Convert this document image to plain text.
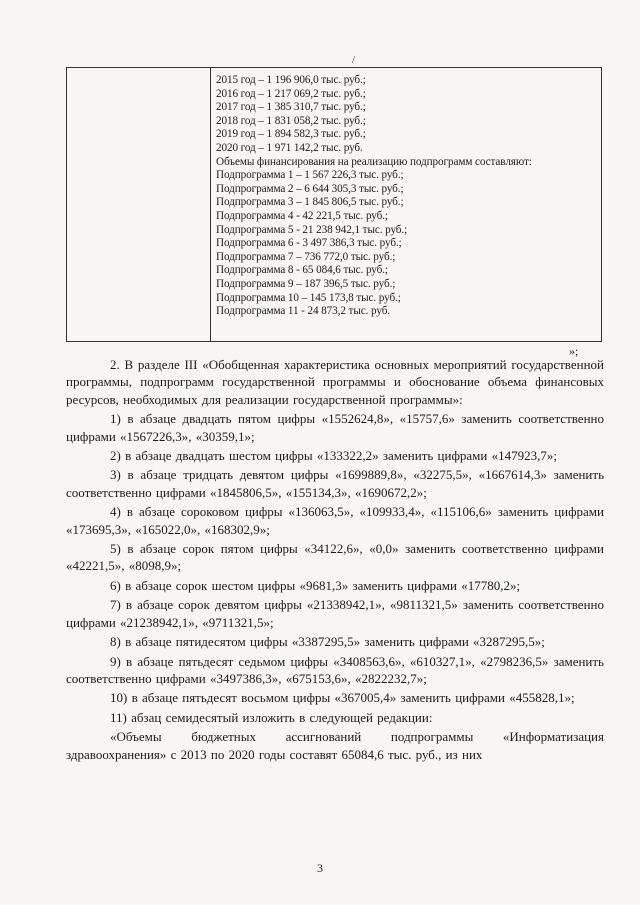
/
2015 год – 1 196 906,0 тыс. руб.;
2016 год – 1 217 069,2 тыс. руб.;
2017 год – 1 385 310,7 тыс. руб.;
2018 год – 1 831 058,2 тыс. руб.;
2019 год – 1 894 582,3 тыс. руб.;
2020 год – 1 971 142,2 тыс. руб.
Объемы финансирования на реализацию подпрограмм составляют:
Подпрограмма 1 – 1 567 226,3 тыс. руб.;
Подпрограмма 2 – 6 644 305,3 тыс. руб.;
Подпрограмма 3 – 1 845 806,5 тыс. руб.;
Подпрограмма 4 - 42 221,5 тыс. руб.;
Подпрограмма 5 - 21 238 942,1 тыс. руб.;
Подпрограмма 6 - 3 497 386,3 тыс. руб.;
Подпрограмма 7 – 736 772,0 тыс. руб.;
Подпрограмма 8 - 65 084,6 тыс. руб.;
Подпрограмма 9 – 187 396,5 тыс. руб.;
Подпрограмма 10 – 145 173,8 тыс. руб.;
Подпрограмма 11 - 24 873,2 тыс. руб.
»;

2. В разделе III «Обобщенная характеристика основных мероприятий государственной программы, подпрограмм государственной программы и обоснование объема финансовых ресурсов, необходимых для реализации государственной программы»:

1) в абзаце двадцать пятом цифры «1552624,8», «15757,6» заменить соответственно цифрами «1567226,3», «30359,1»;

2) в абзаце двадцать шестом цифры «133322,2» заменить цифрами «147923,7»;

3) в абзаце тридцать девятом цифры «1699889,8», «32275,5», «1667614,3» заменить соответственно цифрами «1845806,5», «155134,3», «1690672,2»;

4) в абзаце сороковом цифры «136063,5», «109933,4», «115106,6» заменить цифрами «173695,3», «165022,0», «168302,9»;

5) в абзаце сорок пятом цифры «34122,6», «0,0» заменить соответственно цифрами «42221,5», «8098,9»;

6) в абзаце сорок шестом цифры «9681,3» заменить цифрами «17780,2»;

7) в абзаце сорок девятом цифры «21338942,1», «9811321,5» заменить соответственно цифрами «21238942,1», «9711321,5»;

8) в абзаце пятидесятом цифры «3387295,5» заменить цифрами «3287295,5»;

9) в абзаце пятьдесят седьмом цифры «3408563,6», «610327,1», «2798236,5» заменить соответственно цифрами «3497386,3», «675153,6», «2822232,7»;

10) в абзаце пятьдесят восьмом цифры «367005,4» заменить цифрами «455828,1»;

11) абзац семидесятый изложить в следующей редакции:

«Объемы бюджетных ассигнований подпрограммы «Информатизация здравоохранения» с 2013 по 2020 годы составят 65084,6 тыс. руб., из них

3
